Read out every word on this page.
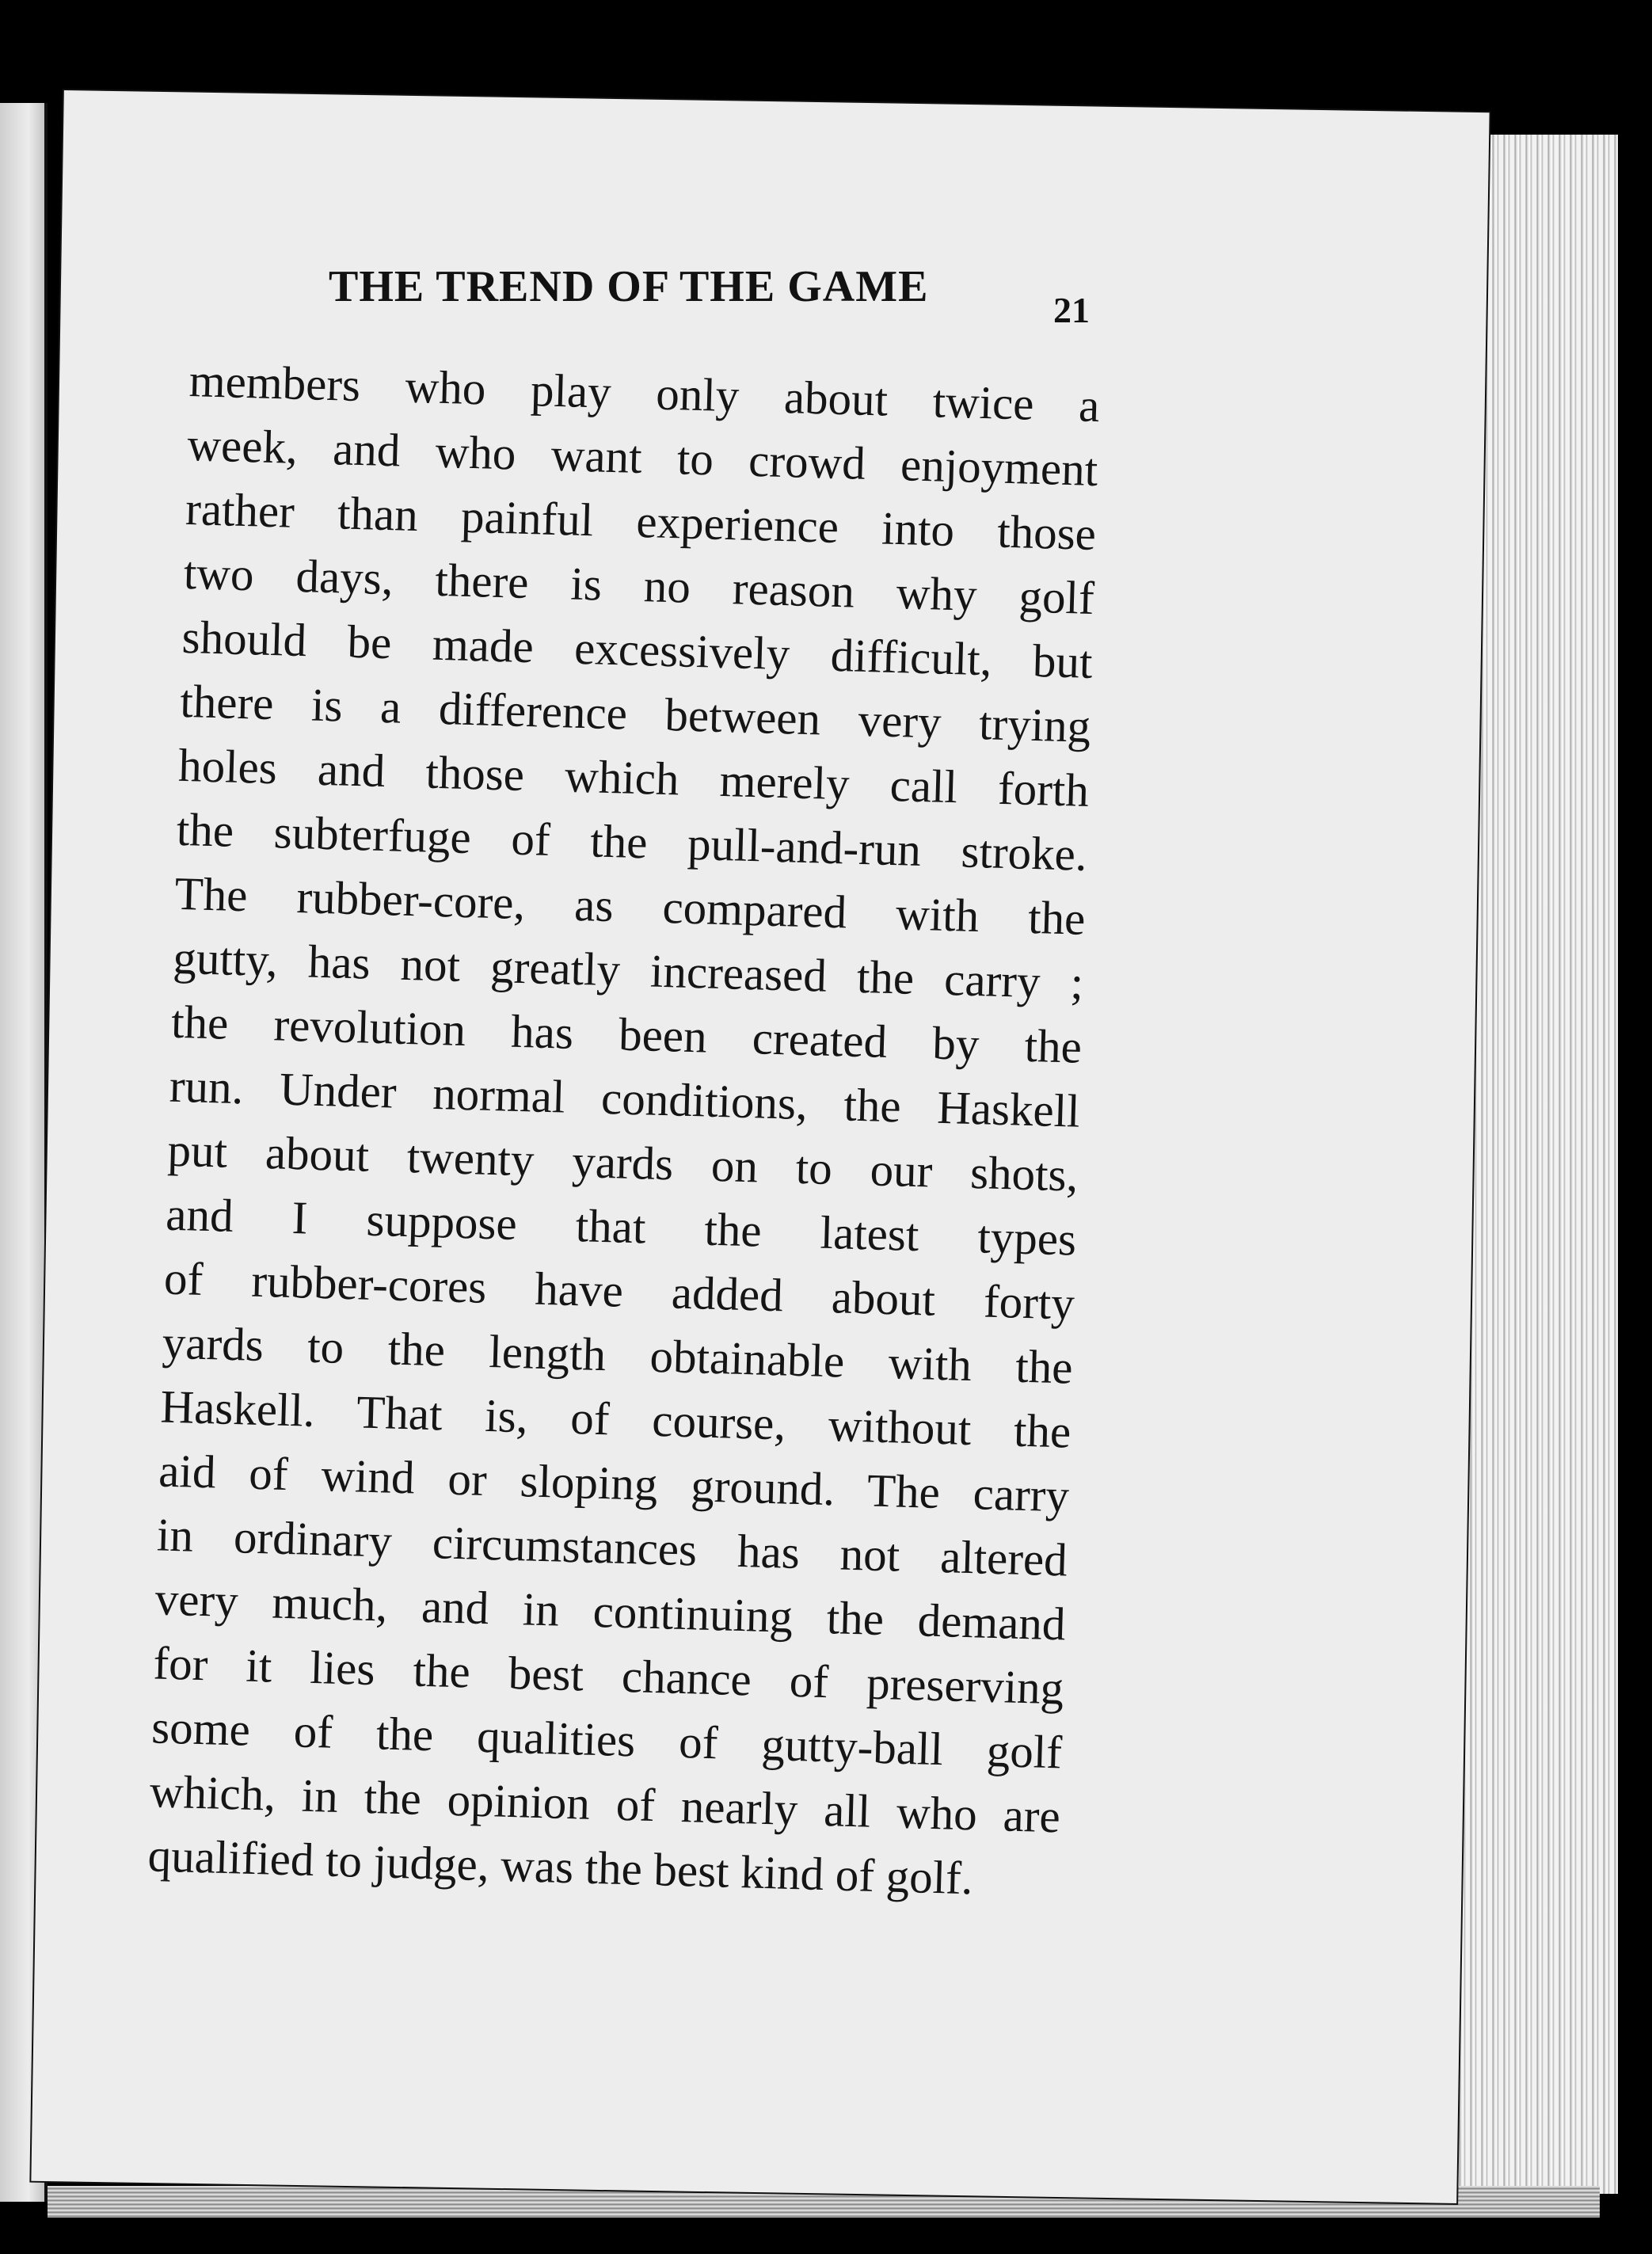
THE TREND OF THE GAME	21
members who play only about twice a
week, and who want to crowd enjoyment
rather than painful experience into those
two days, there is no reason why golf
should be made excessively difficult, but
there is a difference between very trying
holes and those which merely call forth
the subterfuge of the pull-and-run stroke.
The rubber-core, as compared with the
gutty, has not greatly increased the carry ;
the revolution has been created by the
run. Under normal conditions, the Haskell
put about twenty yards on to our shots,
and I suppose that the latest types
of rubber-cores have added about forty
yards to the length obtainable with the
Haskell. That is, of course, without the
aid of wind or sloping ground. The carry
in ordinary circumstances has not altered
very much, and in continuing the demand
for it lies the best chance of preserving
some of the qualities of gutty-ball golf
which, in the opinion of nearly all who are
qualified to judge, was the best kind of golf.
